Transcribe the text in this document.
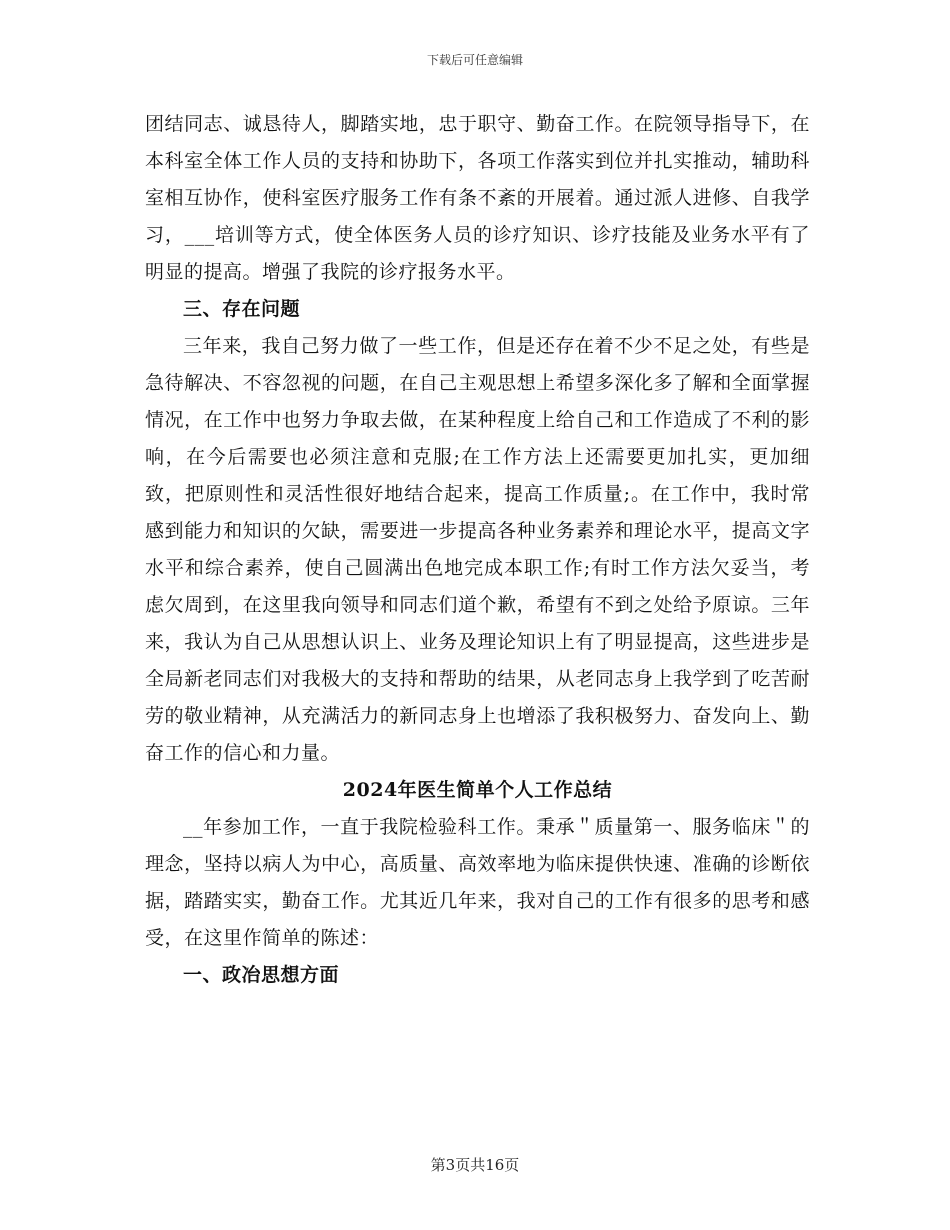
下载后可任意编辑

团结同志、诚恳待人，脚踏实地，忠于职守、勤奋工作。在院领导指导下，在本科室全体工作人员的支持和协助下，各项工作落实到位并扎实推动，辅助科室相互协作，使科室医疗服务工作有条不紊的开展着。通过派人进修、自我学习，___培训等方式，使全体医务人员的诊疗知识、诊疗技能及业务水平有了明显的提高。增强了我院的诊疗报务水平。

三、存在问题

三年来，我自己努力做了一些工作，但是还存在着不少不足之处，有些是急待解决、不容忽视的问题，在自己主观思想上希望多深化多了解和全面掌握情况，在工作中也努力争取去做，在某种程度上给自己和工作造成了不利的影响，在今后需要也必须注意和克服;在工作方法上还需要更加扎实，更加细致，把原则性和灵活性很好地结合起来，提高工作质量;。在工作中，我时常感到能力和知识的欠缺，需要进一步提高各种业务素养和理论水平，提高文字水平和综合素养，使自己圆满出色地完成本职工作;有时工作方法欠妥当，考虑欠周到，在这里我向领导和同志们道个歉，希望有不到之处给予原谅。三年来，我认为自己从思想认识上、业务及理论知识上有了明显提高，这些进步是全局新老同志们对我极大的支持和帮助的结果，从老同志身上我学到了吃苦耐劳的敬业精神，从充满活力的新同志身上也增添了我积极努力、奋发向上、勤奋工作的信心和力量。

2024年医生简单个人工作总结

__年参加工作，一直于我院检验科工作。秉承＂质量第一、服务临床＂的理念，坚持以病人为中心，高质量、高效率地为临床提供快速、准确的诊断依据，踏踏实实，勤奋工作。尤其近几年来，我对自己的工作有很多的思考和感受，在这里作简单的陈述：

一、政冶思想方面

第3页共16页
